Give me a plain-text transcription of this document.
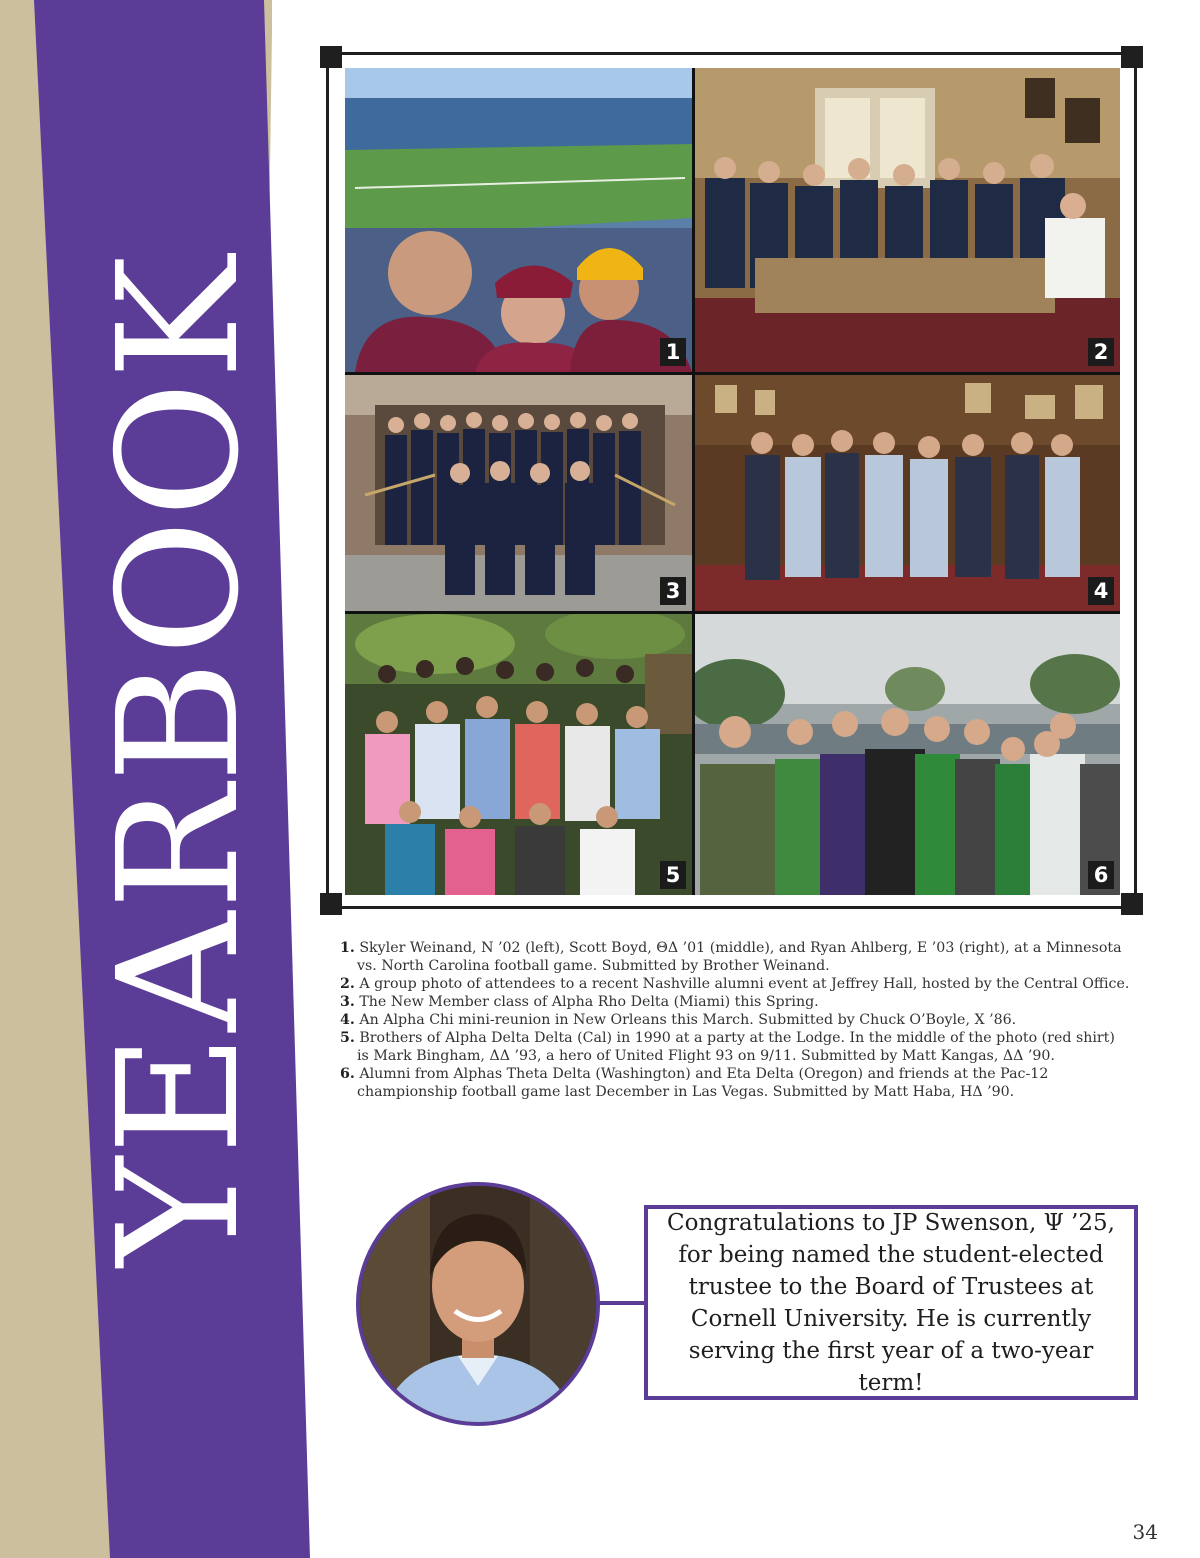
YEARBOOK	1	2
3	4
5	6
1. Skyler Weinand, N ’02 (left), Scott Boyd, ΘΔ ’01 (middle), and Ryan Ahlberg, E ’03 (right), at a Minnesota vs. North Carolina football game. Submitted by Brother Weinand.
2. A group photo of attendees to a recent Nashville alumni event at Jeffrey Hall, hosted by the Central Office.
3. The New Member class of Alpha Rho Delta (Miami) this Spring.
4. An Alpha Chi mini-reunion in New Orleans this March. Submitted by Chuck O’Boyle, X ’86.
5. Brothers of Alpha Delta Delta (Cal) in 1990 at a party at the Lodge. In the middle of the photo (red shirt) is Mark Bingham, ΔΔ ’93, a hero of United Flight 93 on 9/11. Submitted by Matt Kangas, ΔΔ ’90.
6. Alumni from Alphas Theta Delta (Washington) and Eta Delta (Oregon) and friends at the Pac-12 championship football game last December in Las Vegas. Submitted by Matt Haba, HΔ ’90.

Congratulations to JP Swenson, Ψ ’25, for being named the student-elected trustee to the Board of Trustees at Cornell University. He is currently serving the first year of a two-year term!

34
